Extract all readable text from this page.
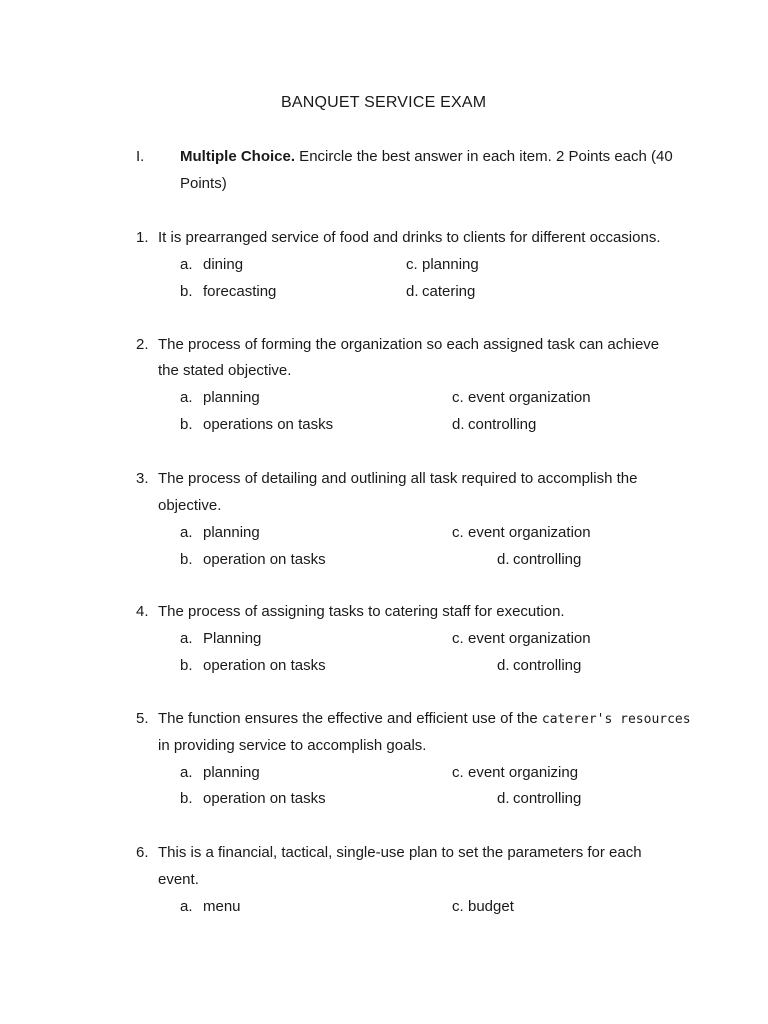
BANQUET SERVICE EXAM
I. Multiple Choice. Encircle the best answer in each item. 2 Points each (40
Points)
1. It is prearranged service of food and drinks to clients for different occasions.
a. dining
b. forecasting
c. planning
d. catering
2. The process of forming the organization so each assigned task can achieve
the stated objective.
a. planning
b. operations on tasks
c. event organization
d. controlling
3. The process of detailing and outlining all task required to accomplish the
objective.
a. planning
b. operation on tasks
c. event organization
d. controlling
4. The process of assigning tasks to catering staff for execution.
a. Planning
b. operation on tasks
c. event organization
d. controlling
5. The function ensures the effective and efficient use of the caterer's resources
in providing service to accomplish goals.
a. planning
b. operation on tasks
c. event organizing
d. controlling
6. This is a financial, tactical, single-use plan to set the parameters for each
event.
a. menu	c. budget
